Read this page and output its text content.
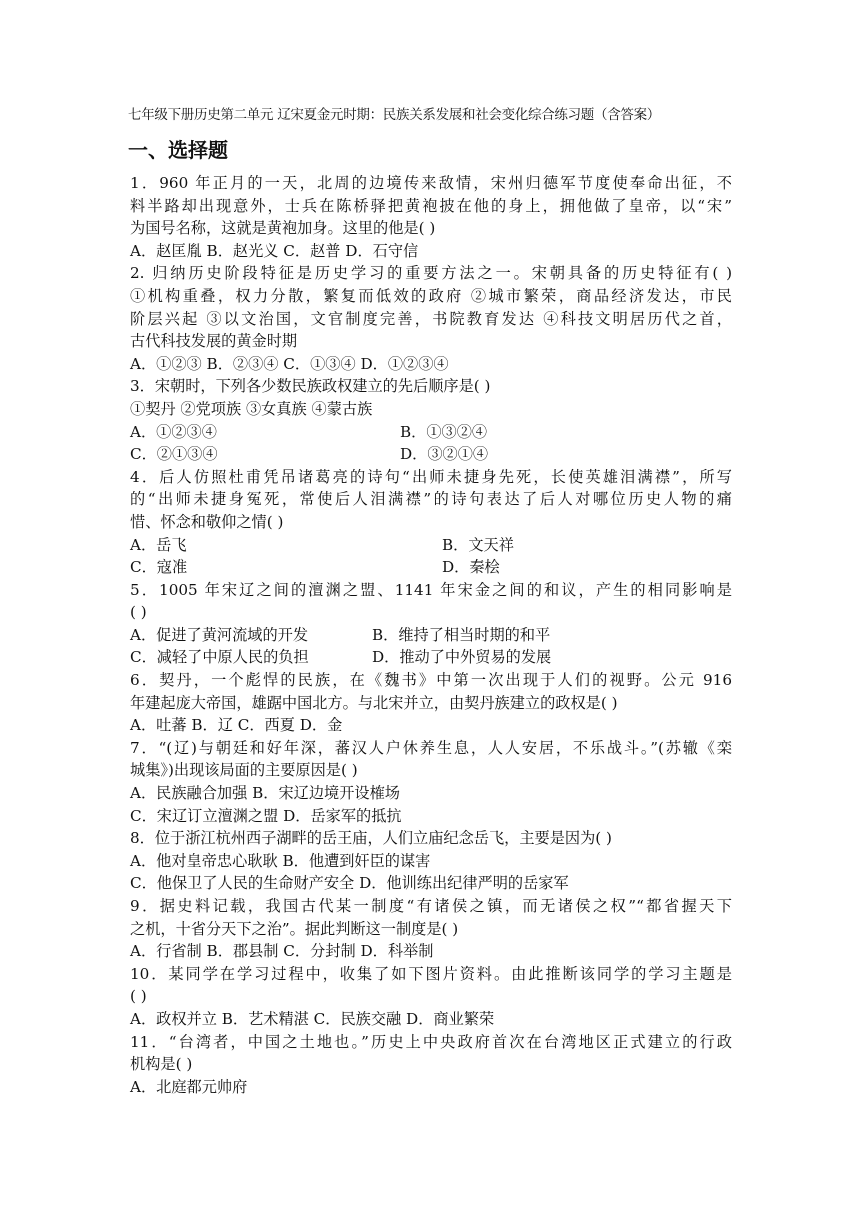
七年级下册历史第二单元 辽宋夏金元时期：民族关系发展和社会变化综合练习题（含答案）
一、选择题
1．960 年正月的一天，北周的边境传来敌情，宋州归德军节度使奉命出征，不
料半路却出现意外，士兵在陈桥驿把黄袍披在他的身上，拥他做了皇帝，以“宋”
为国号名称，这就是黄袍加身。这里的他是( )
A．赵匡胤 B．赵光义 C．赵普 D．石守信
2. 归纳历史阶段特征是历史学习的重要方法之一。宋朝具备的历史特征有( )
①机构重叠，权力分散，繁复而低效的政府 ②城市繁荣，商品经济发达，市民
阶层兴起 ③以文治国，文官制度完善，书院教育发达 ④科技文明居历代之首，
古代科技发展的黄金时期
A．①②③ B．②③④ C．①③④ D．①②③④
3．宋朝时，下列各少数民族政权建立的先后顺序是( )
①契丹 ②党项族 ③女真族 ④蒙古族
A．①②③④	B．①③②④
C．②①③④	D．③②①④
4．后人仿照杜甫凭吊诸葛亮的诗句“出师未捷身先死，长使英雄泪满襟”，所写
的“出师未捷身冤死，常使后人泪满襟”的诗句表达了后人对哪位历史人物的痛
惜、怀念和敬仰之情( )
A．岳飞	B．文天祥
C．寇准	D．秦桧
5．1005 年宋辽之间的澶渊之盟、1141 年宋金之间的和议，产生的相同影响是
( )
A．促进了黄河流域的开发	B．维持了相当时期的和平
C．减轻了中原人民的负担	D．推动了中外贸易的发展
6．契丹，一个彪悍的民族，在《魏书》中第一次出现于人们的视野。公元 916
年建起庞大帝国，雄踞中国北方。与北宋并立，由契丹族建立的政权是( )
A．吐蕃 B．辽 C．西夏 D．金
7．“(辽)与朝廷和好年深，蕃汉人户休养生息，人人安居，不乐战斗。”(苏辙《栾
城集》)出现该局面的主要原因是( )
A．民族融合加强 B．宋辽边境开设榷场
C．宋辽订立澶渊之盟 D．岳家军的抵抗
8．位于浙江杭州西子湖畔的岳王庙，人们立庙纪念岳飞，主要是因为( )
A．他对皇帝忠心耿耿 B．他遭到奸臣的谋害
C．他保卫了人民的生命财产安全 D．他训练出纪律严明的岳家军
9．据史料记载，我国古代某一制度“有诸侯之镇，而无诸侯之权”“都省握天下
之机，十省分天下之治”。据此判断这一制度是( )
A．行省制 B．郡县制 C．分封制 D．科举制
10．某同学在学习过程中，收集了如下图片资料。由此推断该同学的学习主题是
( )
A．政权并立 B．艺术精湛 C．民族交融 D．商业繁荣
11．“台湾者，中国之土地也。”历史上中央政府首次在台湾地区正式建立的行政
机构是( )
A．北庭都元帅府
